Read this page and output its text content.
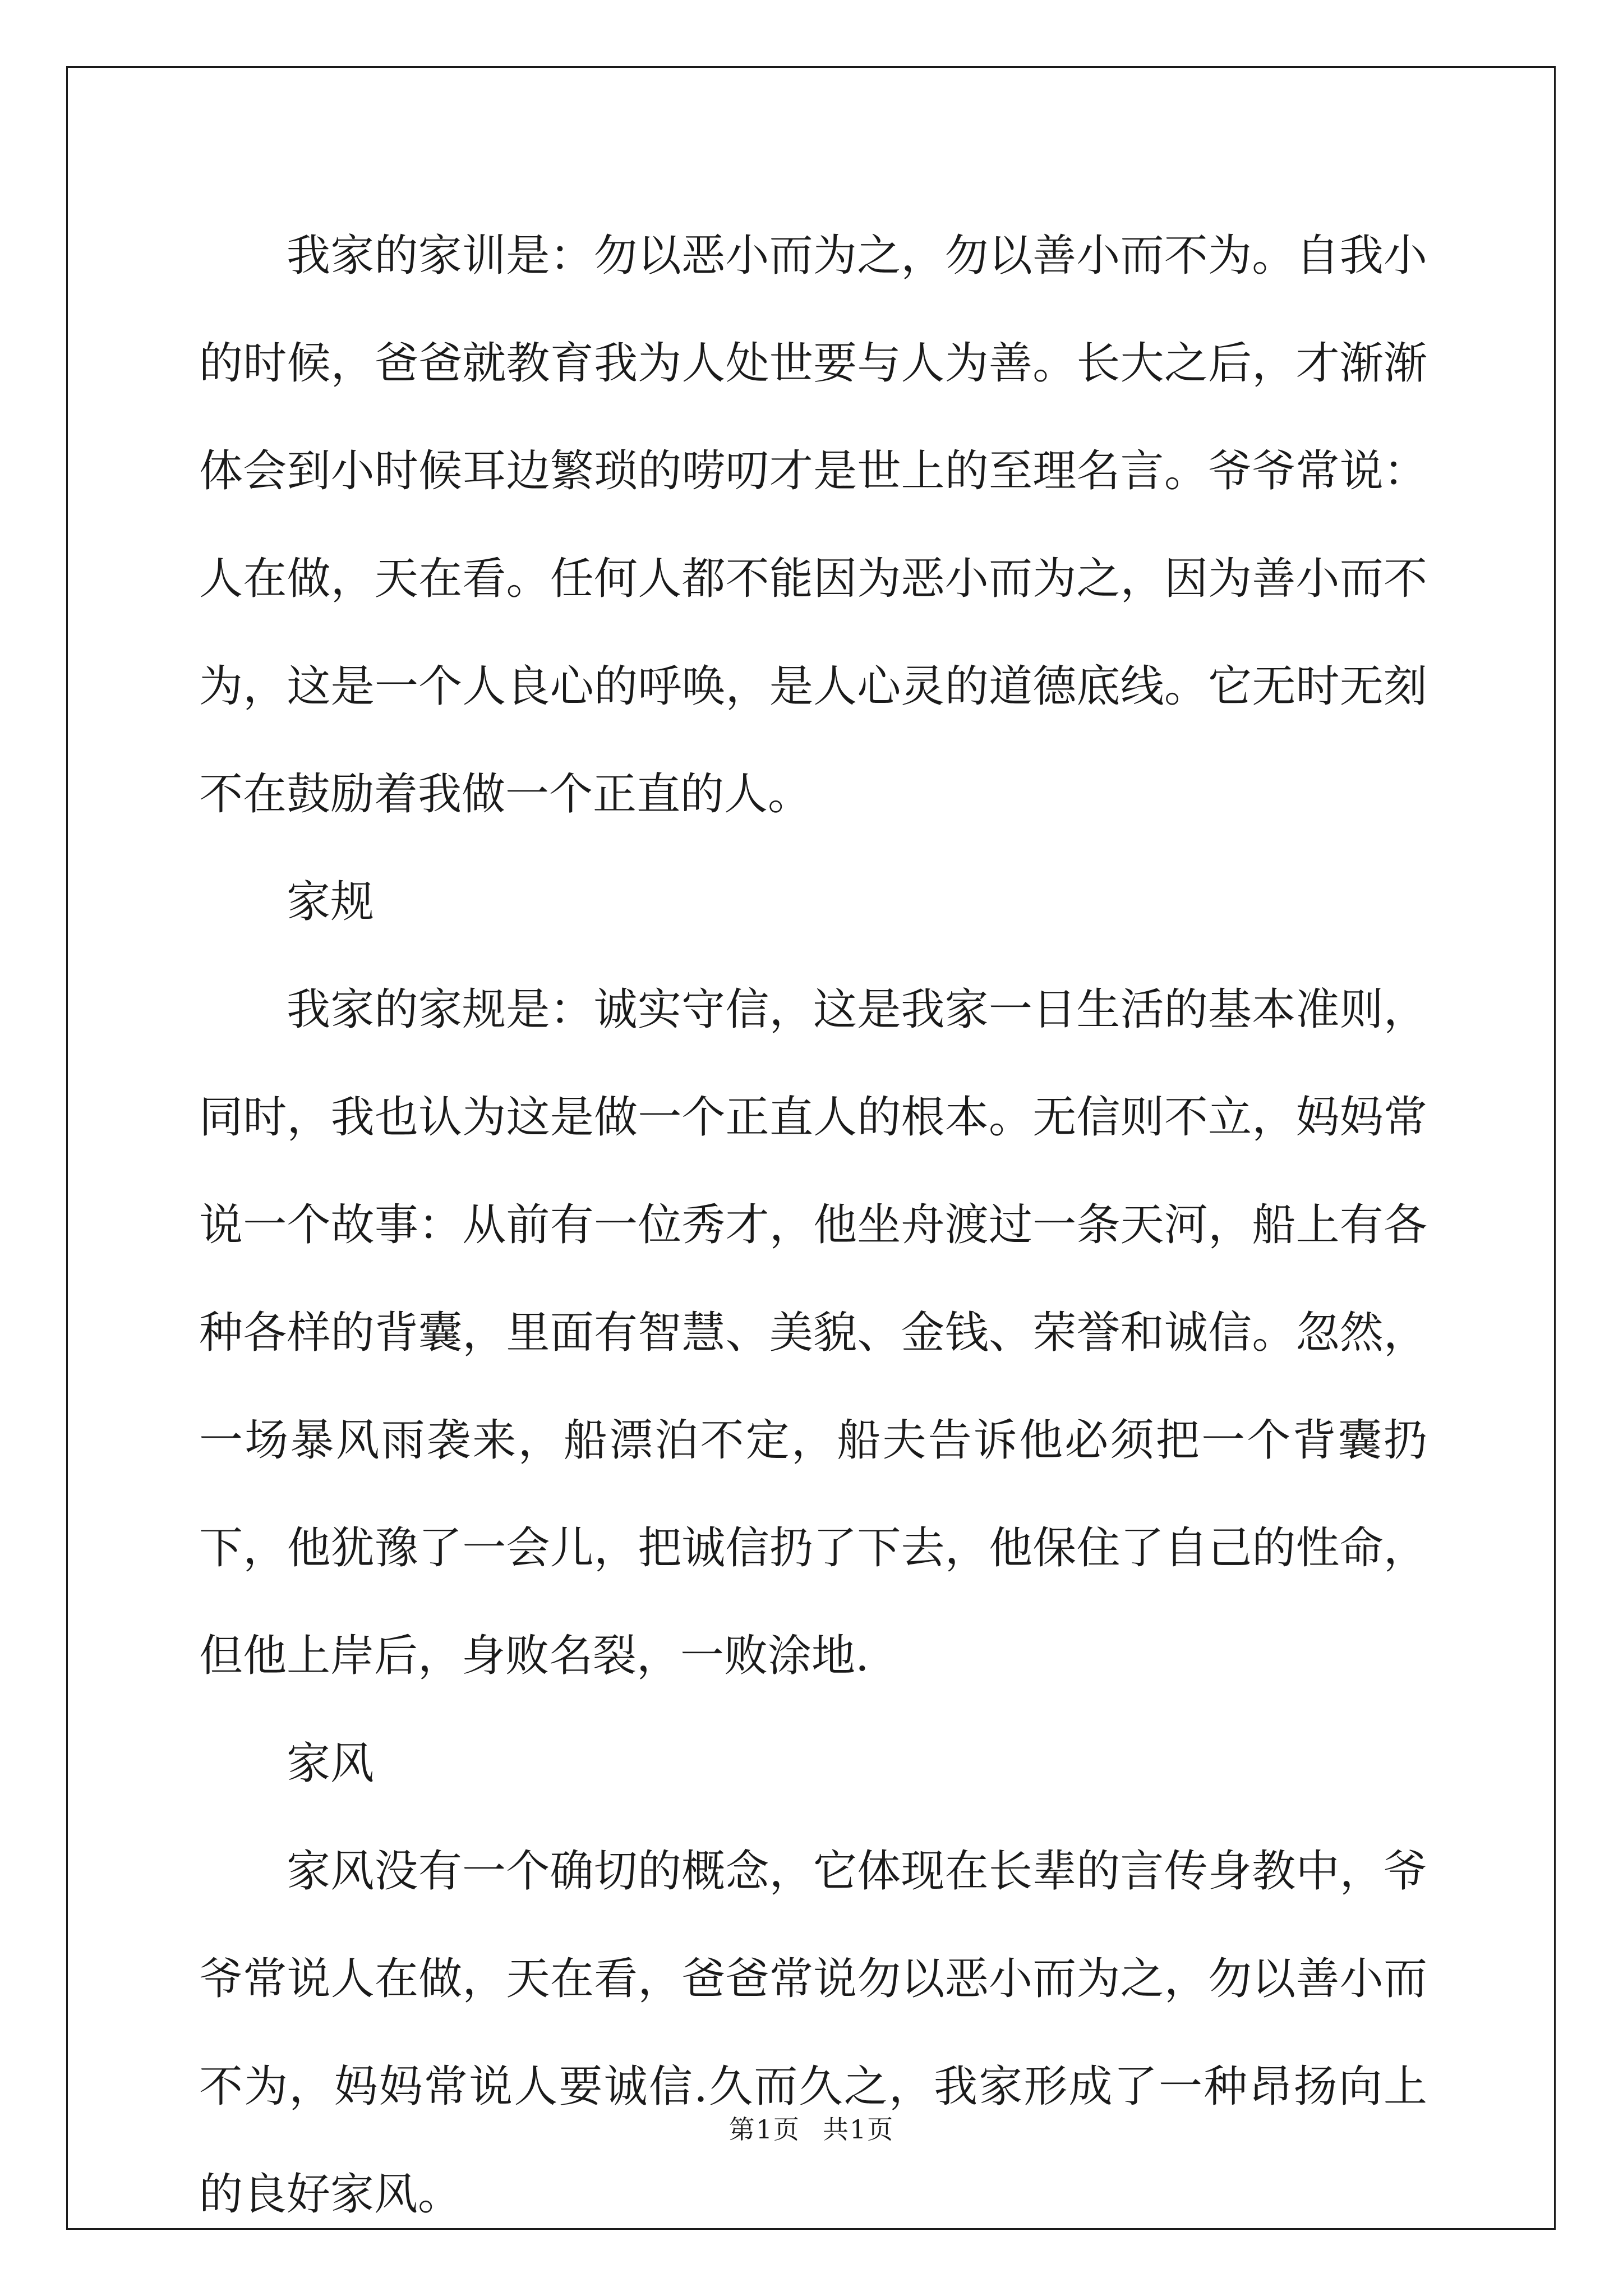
我家的家训是：勿以恶小而为之，勿以善小而不为。自我小的时候，爸爸就教育我为人处世要与人为善。长大之后，才渐渐体会到小时候耳边繁琐的唠叨才是世上的至理名言。爷爷常说：人在做，天在看。任何人都不能因为恶小而为之，因为善小而不为，这是一个人良心的呼唤，是人心灵的道德底线。它无时无刻不在鼓励着我做一个正直的人。

家规

我家的家规是：诚实守信，这是我家一日生活的基本准则，同时，我也认为这是做一个正直人的根本。无信则不立，妈妈常说一个故事：从前有一位秀才，他坐舟渡过一条天河，船上有各种各样的背囊，里面有智慧、美貌、金钱、荣誉和诚信。忽然，一场暴风雨袭来，船漂泊不定，船夫告诉他必须把一个背囊扔下，他犹豫了一会儿，把诚信扔了下去，他保住了自己的性命，但他上岸后，身败名裂，一败涂地.

家风

家风没有一个确切的概念，它体现在长辈的言传身教中，爷爷常说人在做，天在看，爸爸常说勿以恶小而为之，勿以善小而不为，妈妈常说人要诚信.久而久之，我家形成了一种昂扬向上的良好家风。

第1页 共1页
